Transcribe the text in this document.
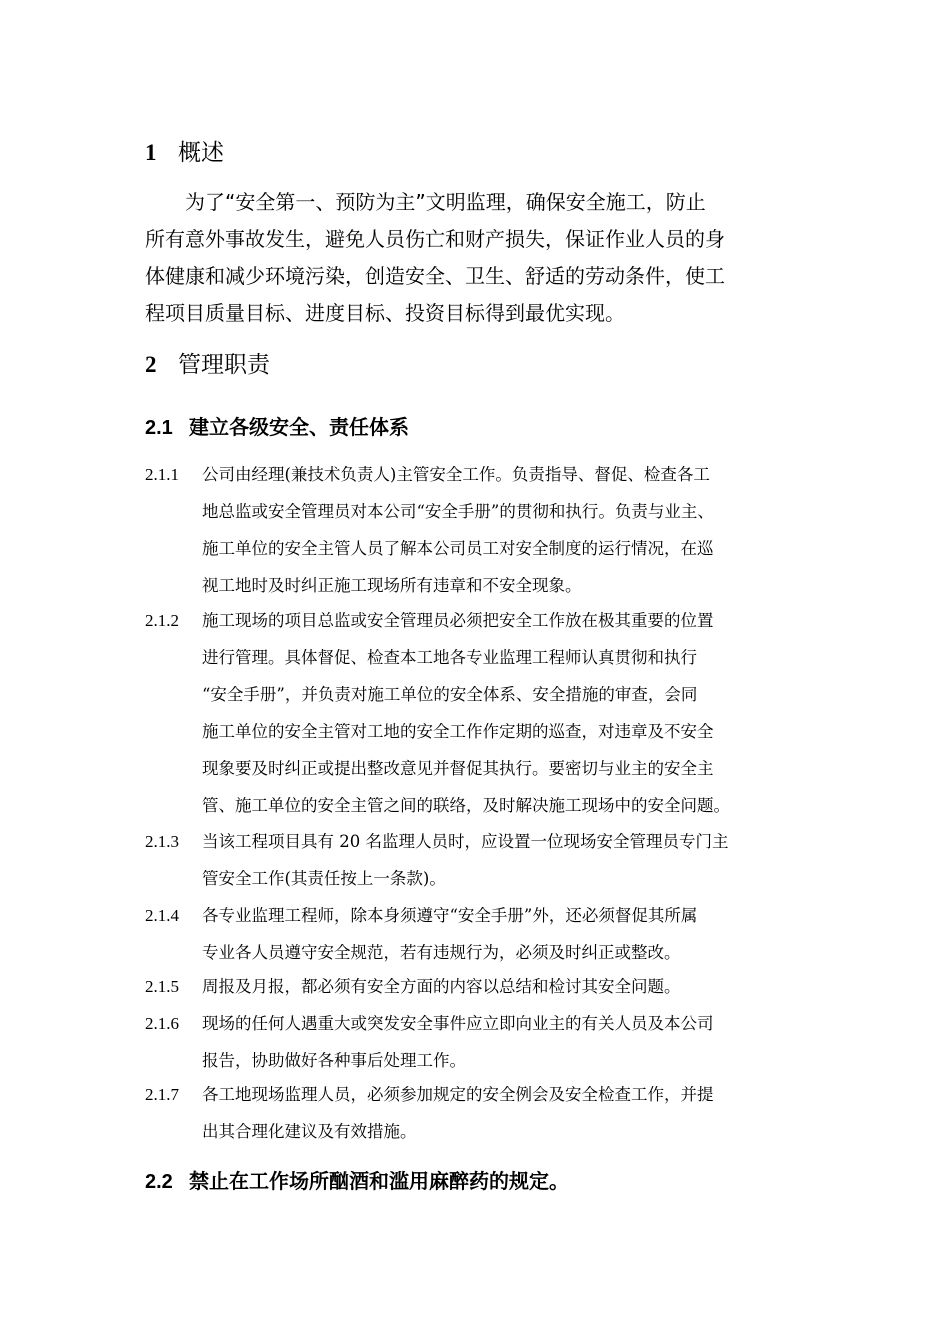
1 概述
　　为了“安全第一、预防为主”文明监理，确保安全施工，防止
所有意外事故发生，避免人员伤亡和财产损失，保证作业人员的身
体健康和减少环境污染，创造安全、卫生、舒适的劳动条件，使工
程项目质量目标、进度目标、投资目标得到最优实现。
2 管理职责
2.1 建立各级安全、责任体系
2.1.1 公司由经理(兼技术负责人)主管安全工作。负责指导、督促、检查各工
地总监或安全管理员对本公司“安全手册”的贯彻和执行。负责与业主、
施工单位的安全主管人员了解本公司员工对安全制度的运行情况，在巡
视工地时及时纠正施工现场所有违章和不安全现象。
2.1.2 施工现场的项目总监或安全管理员必须把安全工作放在极其重要的位置
进行管理。具体督促、检查本工地各专业监理工程师认真贯彻和执行
“安全手册”，并负责对施工单位的安全体系、安全措施的审查，会同
施工单位的安全主管对工地的安全工作作定期的巡查，对违章及不安全
现象要及时纠正或提出整改意见并督促其执行。要密切与业主的安全主
管、施工单位的安全主管之间的联络，及时解决施工现场中的安全问题。
2.1.3 当该工程项目具有 20 名监理人员时，应设置一位现场安全管理员专门主
管安全工作(其责任按上一条款)。
2.1.4 各专业监理工程师，除本身须遵守“安全手册”外，还必须督促其所属
专业各人员遵守安全规范，若有违规行为，必须及时纠正或整改。
2.1.5 周报及月报，都必须有安全方面的内容以总结和检讨其安全问题。
2.1.6 现场的任何人遇重大或突发安全事件应立即向业主的有关人员及本公司
报告，协助做好各种事后处理工作。
2.1.7 各工地现场监理人员，必须参加规定的安全例会及安全检查工作，并提
出其合理化建议及有效措施。
2.2 禁止在工作场所酗酒和滥用麻醉药的规定。
